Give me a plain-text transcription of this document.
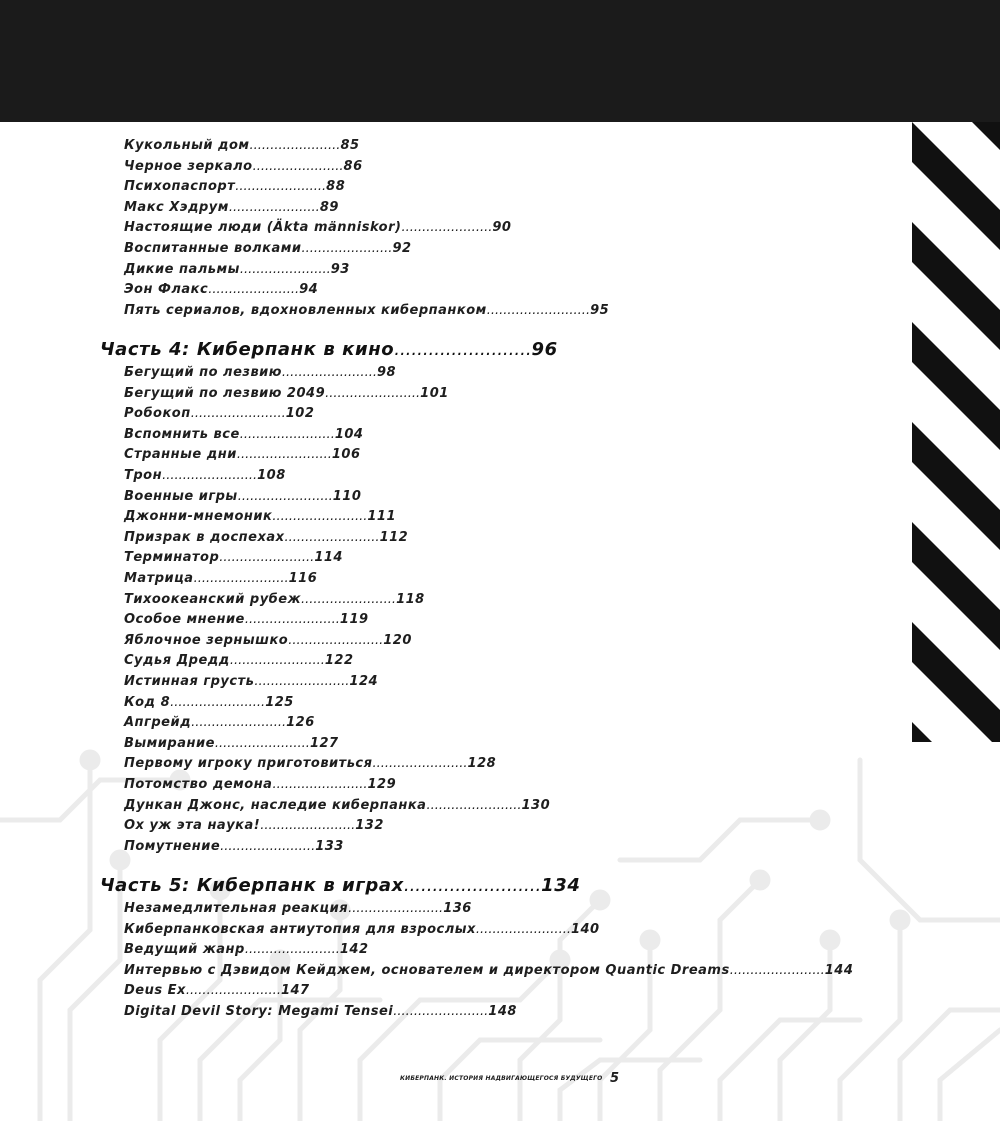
Кукольный дом......................85
Черное зеркало......................86
Психопаспорт......................88
Макс Хэдрум......................89
Настоящие люди (Äkta människor)......................90
Воспитанные волками......................92
Дикие пальмы......................93
Эон Флакс......................94
Пять сериалов, вдохновленных киберпанком.........................95
Часть 4: Киберпанк в кино........................96
Бегущий по лезвию.......................98
Бегущий по лезвию 2049.......................101
Робокоп.......................102
Вспомнить все.......................104
Странные дни.......................106
Трон.......................108
Военные игры.......................110
Джонни-мнемоник.......................111
Призрак в доспехах.......................112
Терминатор.......................114
Матрица.......................116
Тихоокеанский рубеж.......................118
Особое мнение.......................119
Яблочное зернышко.......................120
Судья Дредд.......................122
Истинная грусть.......................124
Код 8.......................125
Апгрейд.......................126
Вымирание.......................127
Первому игроку приготовиться.......................128
Потомство демона.......................129
Дункан Джонс, наследие киберпанка.......................130
Ох уж эта наука!.......................132
Помутнение.......................133
Часть 5: Киберпанк в играх........................134
Незамедлительная реакция.......................136
Киберпанковская антиутопия для взрослых.......................140
Ведущий жанр.......................142
Интервью с Дэвидом Кейджем, основателем и директором Quantic Dreams.......................144
Deus Ex.......................147
Digital Devil Story: Megami Tensei.......................148
КИБЕРПАНК. ИСТОРИЯ НАДВИГАЮЩЕГОСЯ БУДУЩЕГО 5
